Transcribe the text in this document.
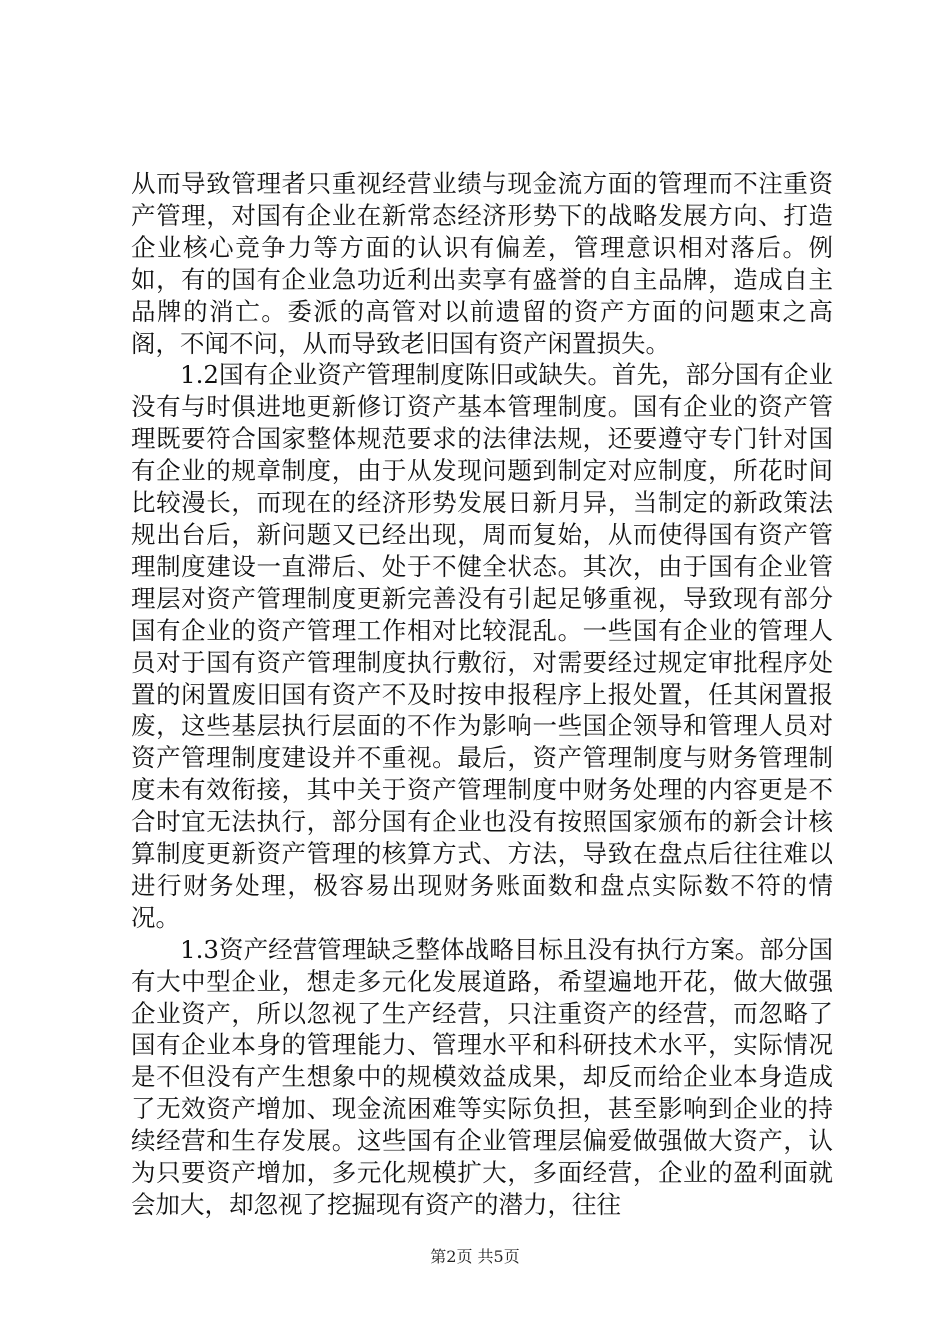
从而导致管理者只重视经营业绩与现金流方面的管理而不注重资产管理，对国有企业在新常态经济形势下的战略发展方向、打造企业核心竞争力等方面的认识有偏差，管理意识相对落后。例如，有的国有企业急功近利出卖享有盛誉的自主品牌，造成自主品牌的消亡。委派的高管对以前遗留的资产方面的问题束之高阁，不闻不问，从而导致老旧国有资产闲置损失。

1.2国有企业资产管理制度陈旧或缺失。首先，部分国有企业没有与时俱进地更新修订资产基本管理制度。国有企业的资产管理既要符合国家整体规范要求的法律法规，还要遵守专门针对国有企业的规章制度，由于从发现问题到制定对应制度，所花时间比较漫长，而现在的经济形势发展日新月异，当制定的新政策法规出台后，新问题又已经出现，周而复始，从而使得国有资产管理制度建设一直滞后、处于不健全状态。其次，由于国有企业管理层对资产管理制度更新完善没有引起足够重视，导致现有部分国有企业的资产管理工作相对比较混乱。一些国有企业的管理人员对于国有资产管理制度执行敷衍，对需要经过规定审批程序处置的闲置废旧国有资产不及时按申报程序上报处置，任其闲置报废，这些基层执行层面的不作为影响一些国企领导和管理人员对资产管理制度建设并不重视。最后，资产管理制度与财务管理制度未有效衔接，其中关于资产管理制度中财务处理的内容更是不合时宜无法执行，部分国有企业也没有按照国家颁布的新会计核算制度更新资产管理的核算方式、方法，导致在盘点后往往难以进行财务处理，极容易出现财务账面数和盘点实际数不符的情况。

1.3资产经营管理缺乏整体战略目标且没有执行方案。部分国有大中型企业，想走多元化发展道路，希望遍地开花，做大做强企业资产，所以忽视了生产经营，只注重资产的经营，而忽略了国有企业本身的管理能力、管理水平和科研技术水平，实际情况是不但没有产生想象中的规模效益成果，却反而给企业本身造成了无效资产增加、现金流困难等实际负担，甚至影响到企业的持续经营和生存发展。这些国有企业管理层偏爱做强做大资产，认为只要资产增加，多元化规模扩大，多面经营，企业的盈利面就会加大，却忽视了挖掘现有资产的潜力，往往

第2页 共5页
